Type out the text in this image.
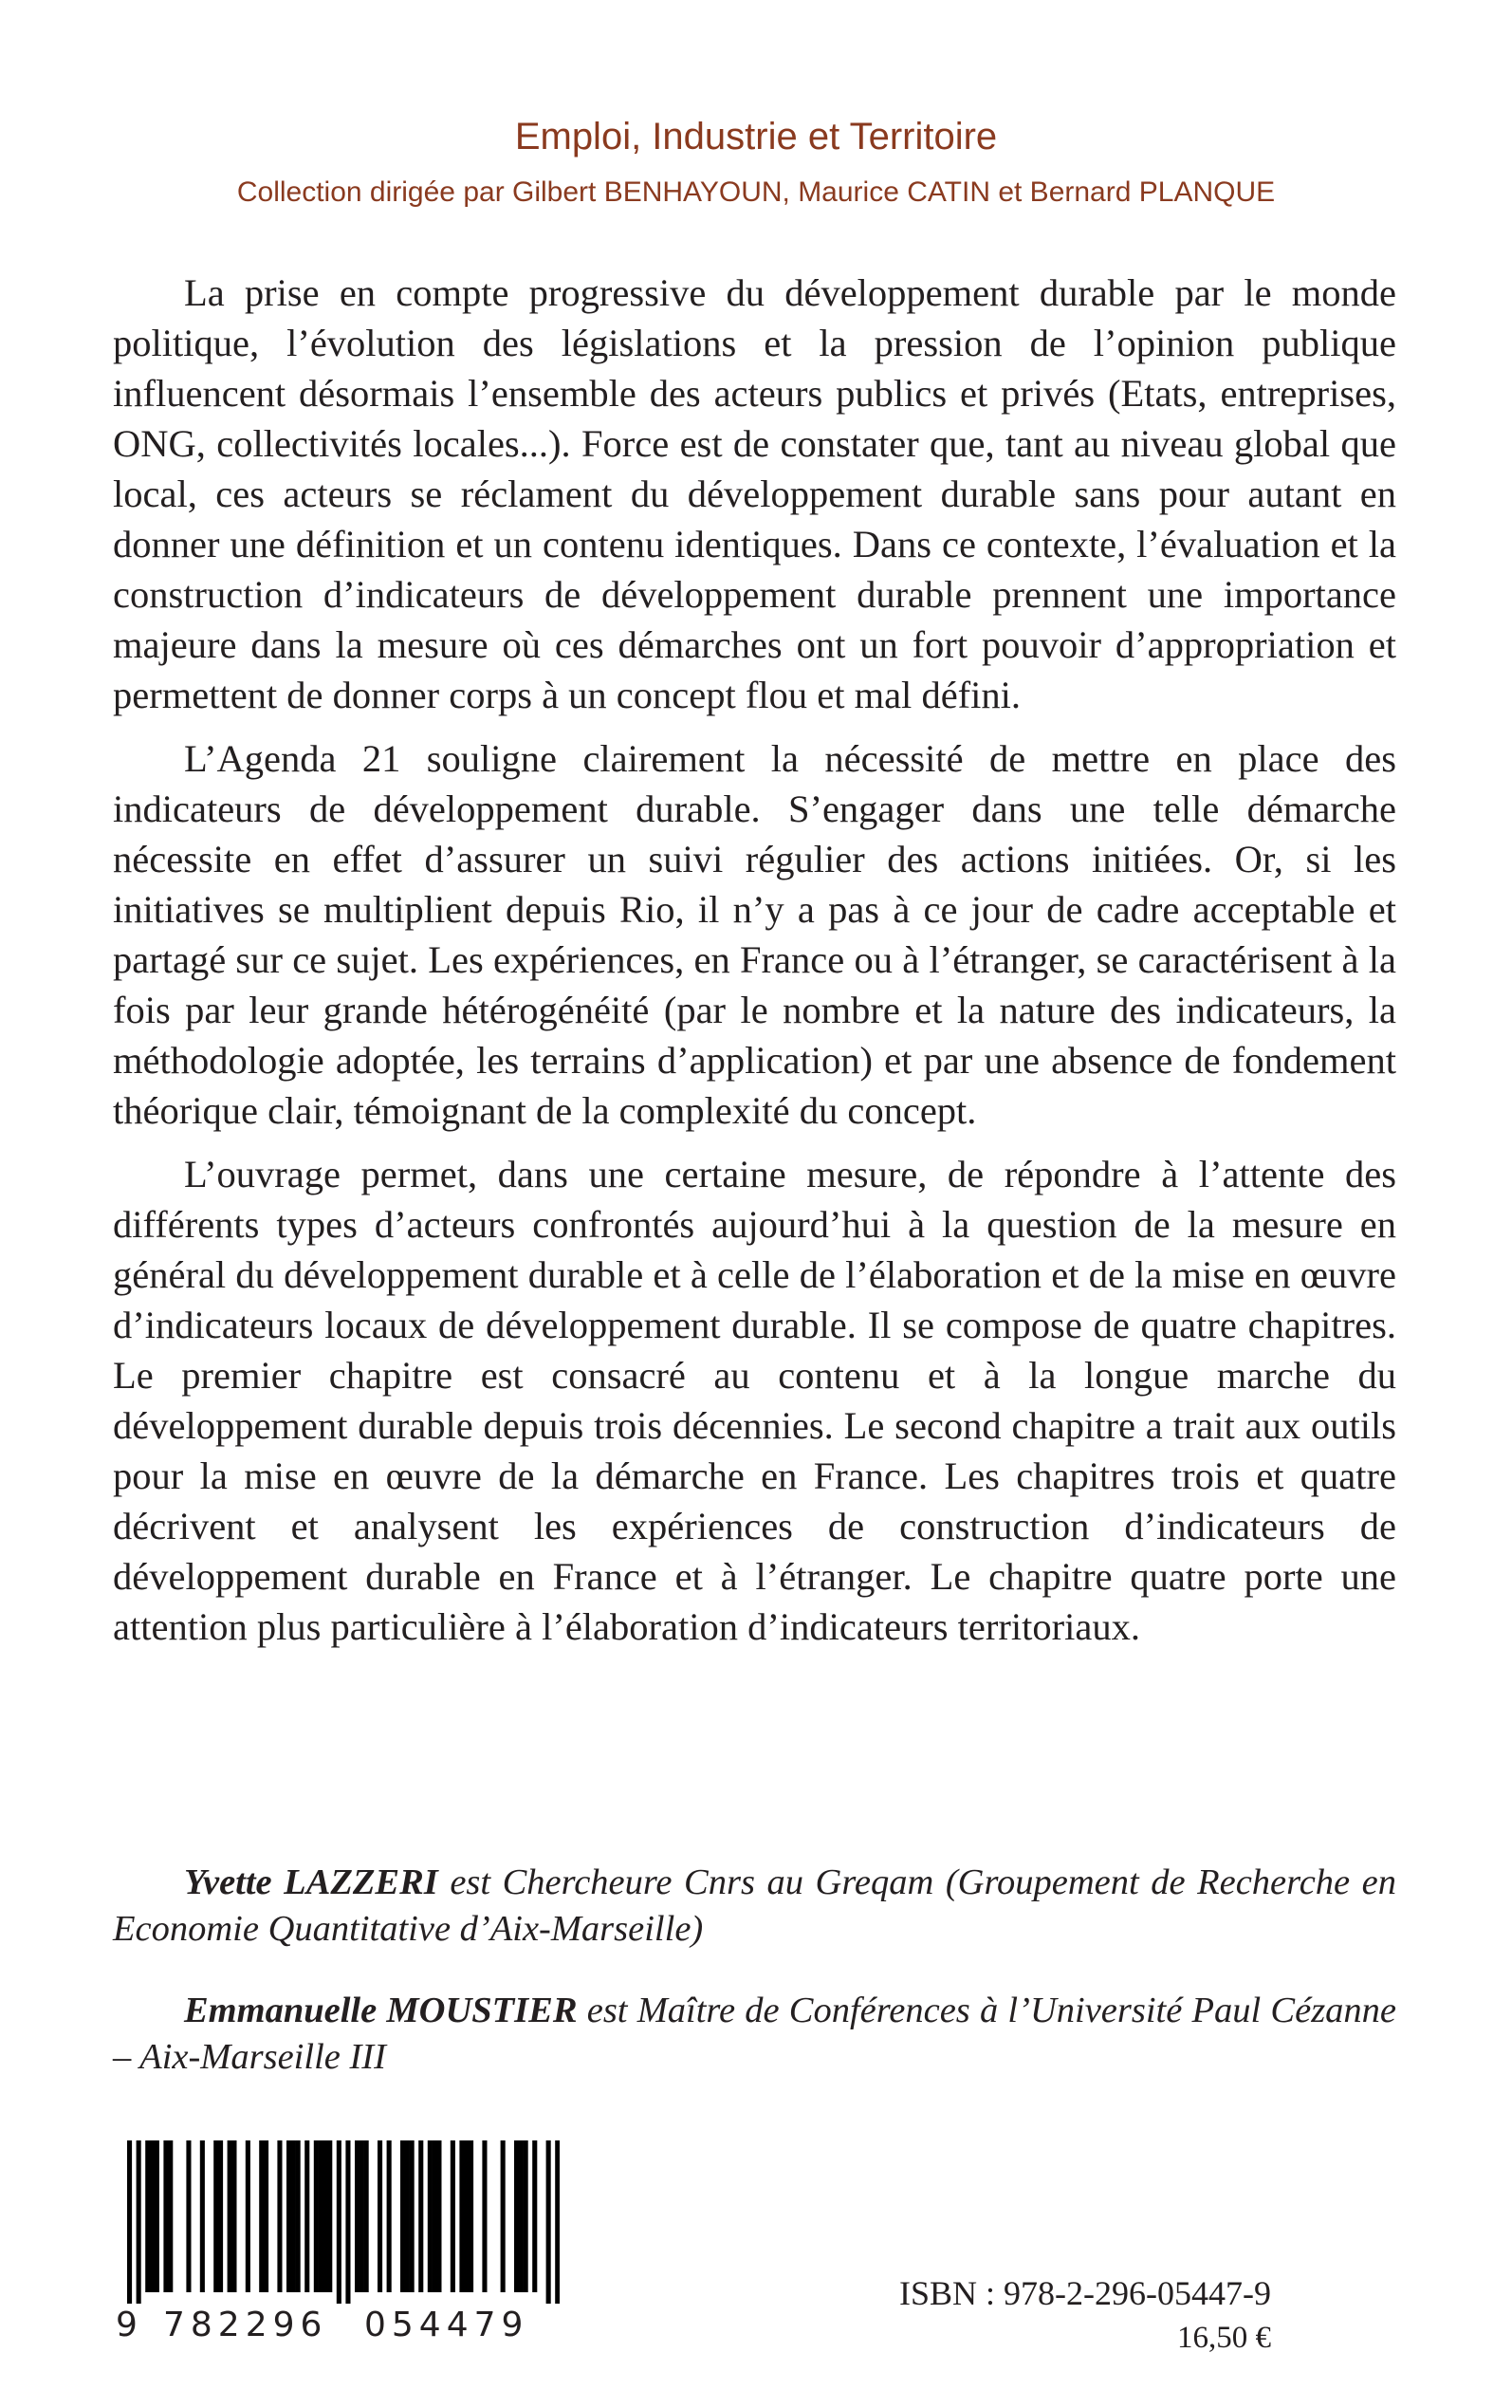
Emploi, Industrie et Territoire
Collection dirigée par Gilbert BENHAYOUN, Maurice CATIN et Bernard PLANQUE

La prise en compte progressive du développement durable par le monde politique, l’évolution des législations et la pression de l’opinion publique influencent désormais l’ensemble des acteurs publics et privés (Etats, entreprises, ONG, collectivités locales...). Force est de constater que, tant au niveau global que local, ces acteurs se réclament du développement durable sans pour autant en donner une définition et un contenu identiques. Dans ce contexte, l’évaluation et la construction d’indicateurs de développement durable prennent une importance majeure dans la mesure où ces démarches ont un fort pouvoir d’appropriation et permettent de donner corps à un concept flou et mal défini.

L’Agenda 21 souligne clairement la nécessité de mettre en place des indicateurs de développement durable. S’engager dans une telle démarche nécessite en effet d’assurer un suivi régulier des actions initiées. Or, si les initiatives se multiplient depuis Rio, il n’y a pas à ce jour de cadre acceptable et partagé sur ce sujet. Les expériences, en France ou à l’étranger, se caractérisent à la fois par leur grande hétérogénéité (par le nombre et la nature des indicateurs, la méthodologie adoptée, les terrains d’application) et par une absence de fondement théorique clair, témoignant de la complexité du concept.

L’ouvrage permet, dans une certaine mesure, de répondre à l’attente des différents types d’acteurs confrontés aujourd’hui à la question de la mesure en général du développement durable et à celle de l’élaboration et de la mise en œuvre d’indicateurs locaux de développement durable. Il se compose de quatre chapitres. Le premier chapitre est consacré au contenu et à la longue marche du développement durable depuis trois décennies. Le second chapitre a trait aux outils pour la mise en œuvre de la démarche en France. Les chapitres trois et quatre décrivent et analysent les expériences de construction d’indicateurs de développement durable en France et à l’étranger. Le chapitre quatre porte une attention plus particulière à l’élaboration d’indicateurs territoriaux.

Yvette LAZZERI est Chercheure Cnrs au Greqam (Groupement de Recherche en Economie Quantitative d’Aix-Marseille)

Emmanuelle MOUSTIER est Maître de Conférences à l’Université Paul Cézanne – Aix-Marseille III

9 782296 054479
ISBN : 978-2-296-05447-9
16,50 €
